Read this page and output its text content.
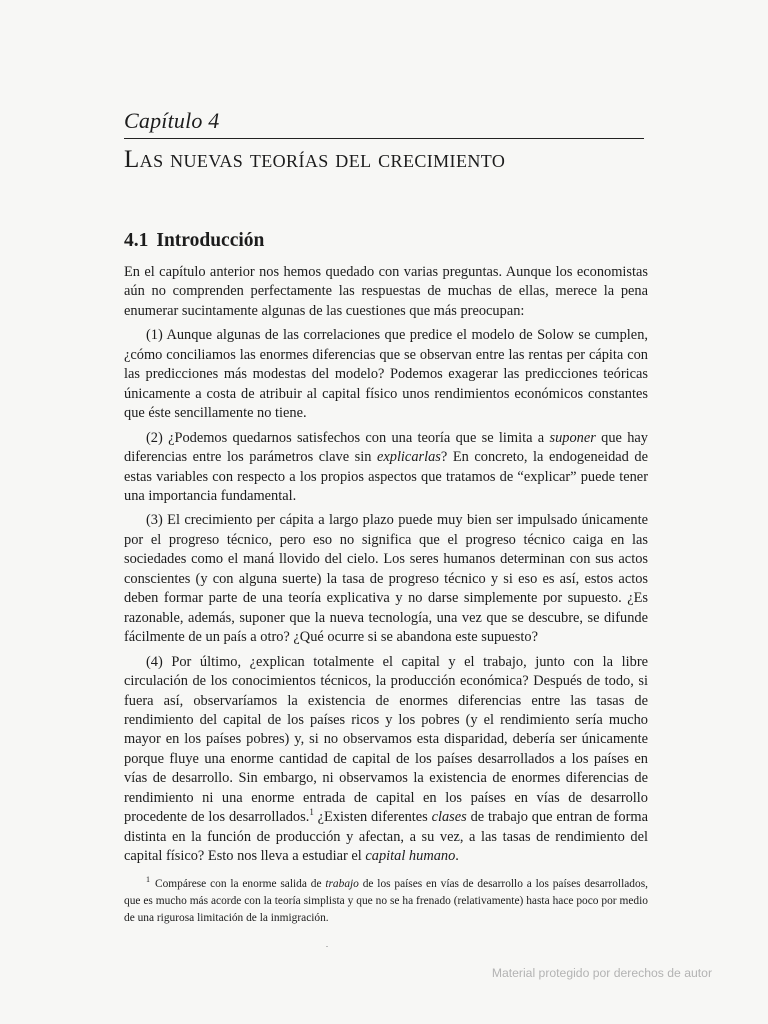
Capítulo 4
Las nuevas teorías del crecimiento
4.1 Introducción

En el capítulo anterior nos hemos quedado con varias preguntas. Aunque los economistas aún no comprenden perfectamente las respuestas de muchas de ellas, merece la pena enumerar sucintamente algunas de las cuestiones que más preocupan:

(1) Aunque algunas de las correlaciones que predice el modelo de Solow se cumplen, ¿cómo conciliamos las enormes diferencias que se observan entre las rentas per cápita con las predicciones más modestas del modelo? Podemos exagerar las predicciones teóricas únicamente a costa de atribuir al capital físico unos rendimientos económicos constantes que éste sencillamente no tiene.

(2) ¿Podemos quedarnos satisfechos con una teoría que se limita a suponer que hay diferencias entre los parámetros clave sin explicarlas? En concreto, la endogeneidad de estas variables con respecto a los propios aspectos que tratamos de “explicar” puede tener una importancia fundamental.

(3) El crecimiento per cápita a largo plazo puede muy bien ser impulsado únicamente por el progreso técnico, pero eso no significa que el progreso técnico caiga en las sociedades como el maná llovido del cielo. Los seres humanos determinan con sus actos conscientes (y con alguna suerte) la tasa de progreso técnico y si eso es así, estos actos deben formar parte de una teoría explicativa y no darse simplemente por supuesto. ¿Es razonable, además, suponer que la nueva tecnología, una vez que se descubre, se difunde fácilmente de un país a otro? ¿Qué ocurre si se abandona este supuesto?

(4) Por último, ¿explican totalmente el capital y el trabajo, junto con la libre circulación de los conocimientos técnicos, la producción económica? Después de todo, si fuera así, observaríamos la existencia de enormes diferencias entre las tasas de rendimiento del capital de los países ricos y los pobres (y el rendimiento sería mucho mayor en los países pobres) y, si no observamos esta disparidad, debería ser únicamente porque fluye una enorme cantidad de capital de los países desarrollados a los países en vías de desarrollo. Sin embargo, ni observamos la existencia de enormes diferencias de rendimiento ni una enorme entrada de capital en los países en vías de desarrollo procedente de los desarrollados.$^1$ ¿Existen diferentes clases de trabajo que entran de forma distinta en la función de producción y afectan, a su vez, a las tasas de rendimiento del capital físico? Esto nos lleva a estudiar el capital humano.

$^1$ Compárese con la enorme salida de trabajo de los países en vías de desarrollo a los países desarrollados, que es mucho más acorde con la teoría simplista y que no se ha frenado (relativamente) hasta hace poco por medio de una rigurosa limitación de la inmigración.
Material protegido por derechos de autor
